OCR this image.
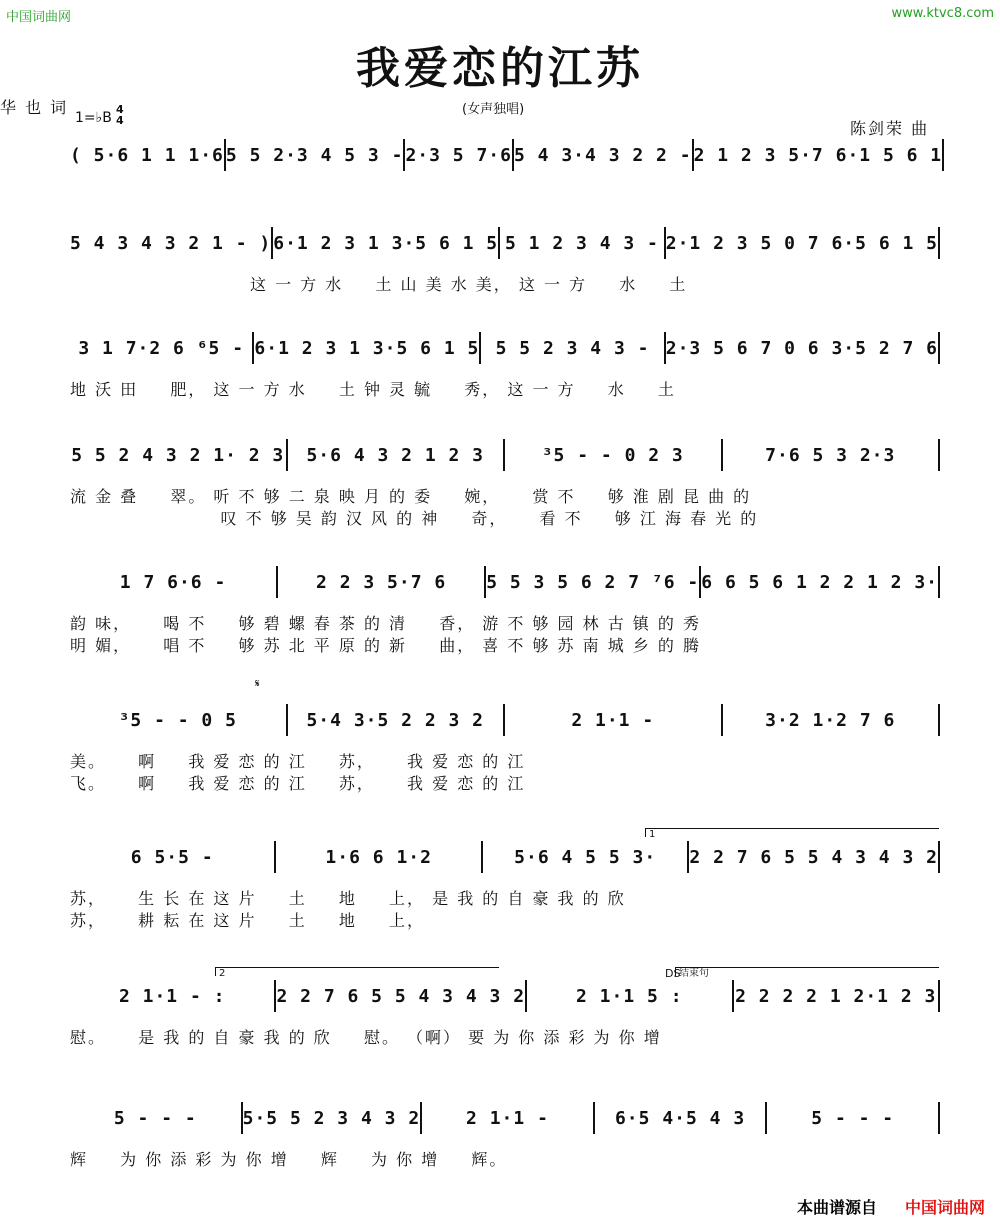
中国词曲网	www.ktvc8.com
我爱恋的江苏
(女声独唱)
华 也 词
陈剑荣 曲
1=♭B
4
4
( 5·6 1 1 1·6 5 5 2·3 4 5 3 - 2·3 5 7·6 5 4 3·4 3 2 2 - 2 1 2 3 5·7 6·1 5 6 1
5 4 3 4 3 2 1 - ) 6·1 2 3 1 3·5 6 1 5 5 1 2 3 4 3 - 2·1 2 3 5 0 7 6·5 6 1 5
这 一 方 水 　 土 山 美 水 美， 这 一 方 　 水 　 土
3 1 7·2 6 ⁶5 - 6·1 2 3 1 3·5 6 1 5 5 5 2 3 4 3 - 2·3 5 6 7 0 6 3·5 2 7 6
地 沃 田 　 肥， 这 一 方 水 　 土 钟 灵 毓 　 秀， 这 一 方 　 水 　 土
5 5 2 4 3 2 1· 2 3	5·6 4 3 2 1 2 3	³5 - - 0 2 3	7·6 5 3 2·3
流 金 叠 　 翠。 听 不 够 二 泉 映 月 的 委 　 婉， 　 赏 不 　 够 淮 剧 昆 曲 的
　 　 　 　 　 　 叹 不 够 吴 韵 汉 风 的 神 　 奇， 　 看 不 　 够 江 海 春 光 的
1 7 6·6 -	2 2 3 5·7 6	5 5 3 5 6 2 7 ⁷6 - 6 6 5 6 1 2 2 1 2 3·
韵 味， 　 喝 不 　 够 碧 螺 春 茶 的 清 　 香， 游 不 够 园 林 古 镇 的 秀
明 媚， 　 唱 不 　 够 苏 北 平 原 的 新 　 曲， 喜 不 够 苏 南 城 乡 的 腾
𝄋
³5 - - 0 5	5·4 3·5 2 2 3 2	2 1·1 -	3·2 1·2 7 6
美。 　 啊 　 我 爱 恋 的 江 　 苏， 　 我 爱 恋 的 江
飞。 　 啊 　 我 爱 恋 的 江 　 苏， 　 我 爱 恋 的 江
1
6 5·5 -	1·6 6 1·2	5·6 4 5 5 3·	2 2 7 6 5 5 4 3 4 3 2
苏， 　 生 长 在 这 片 　 土 　 地 　 上， 是 我 的 自 豪 我 的 欣
苏， 　 耕 耘 在 这 片 　 土 　 地 　 上，
2	结束句
DS
2 1·1 - :	2 2 7 6 5 5 4 3 4 3 2	2 1·1 5 :	2 2 2 2 1 2·1 2 3
慰。 　 是 我 的 自 豪 我 的 欣 　 慰。 （啊） 要 为 你 添 彩 为 你 增
5 - - -	5·5 5 2 3 4 3 2	2 1·1 -	6·5 4·5 4 3	5 - - -
辉 　 为 你 添 彩 为 你 增 　 辉 　 为 你 增 　 辉。
本曲谱源自 中国词曲网
